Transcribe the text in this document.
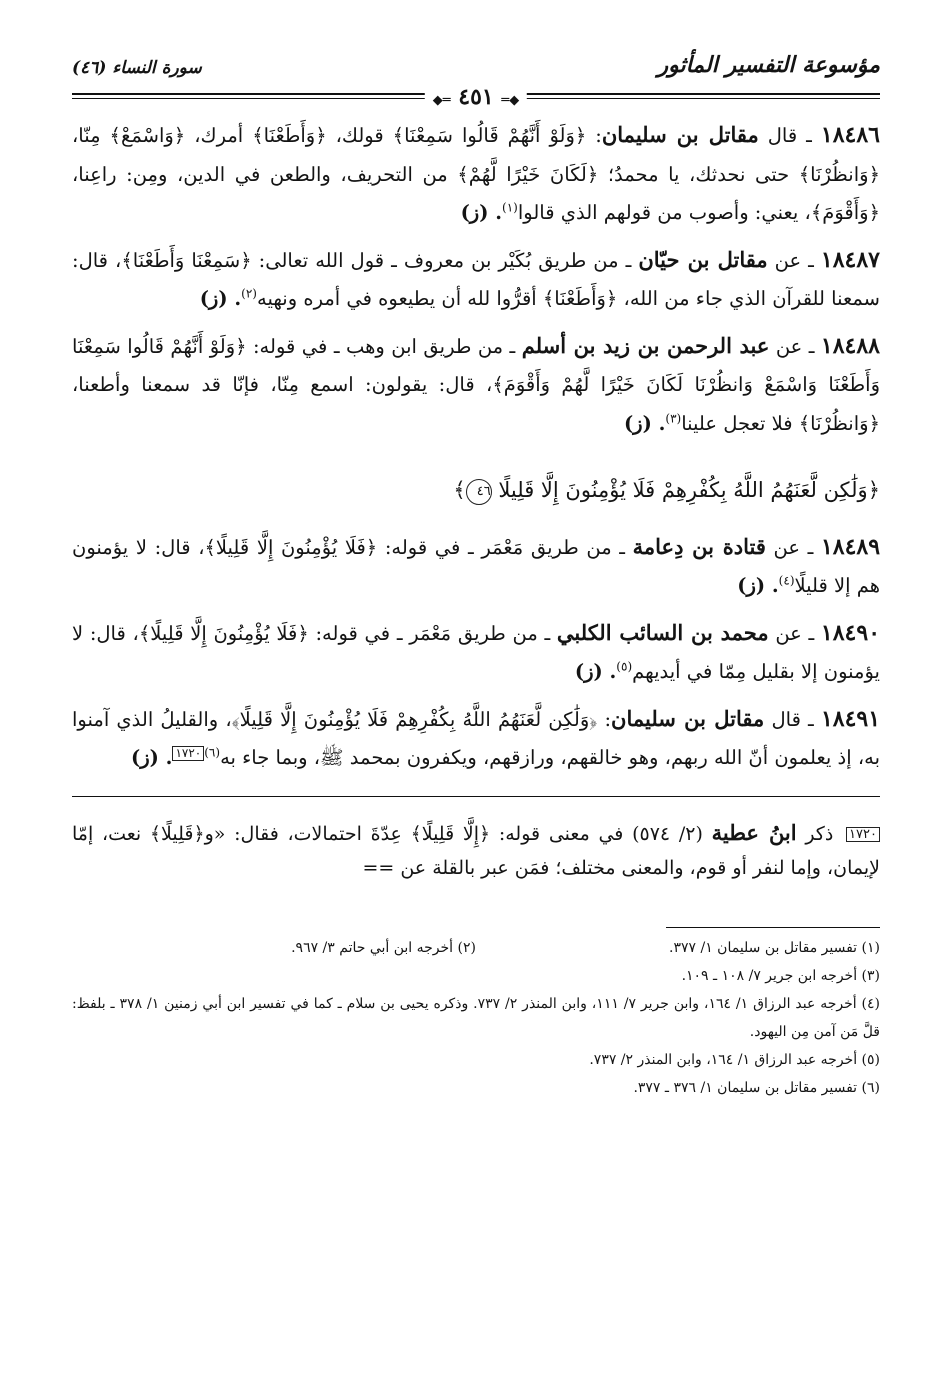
مؤسوعة التفسير المأثور
◆═ ٤٥١ ═◆
سورة النساء (٤٦)

١٨٤٨٦ ـ قال مقاتل بن سليمان: ﴿وَلَوْ أَنَّهُمْ قَالُوا سَمِعْنَا﴾ قولك، ﴿وَأَطَعْنَا﴾ أمرك، ﴿وَاسْمَعْ﴾ مِنّا، ﴿وَانظُرْنَا﴾ حتى نحدثك، يا محمدُ؛ ﴿لَكَانَ خَيْرًا لَّهُمْ﴾ من التحريف، والطعن في الدين، ومِن: راعِنا، ﴿وَأَقْوَمَ﴾، يعني: وأصوب من قولهم الذي قالوا$^{(١)}$. (ز)

١٨٤٨٧ ـ عن مقاتل بن حيّان ـ من طريق بُكَيْر بن معروف ـ قول الله تعالى: ﴿سَمِعْنَا وَأَطَعْنَا﴾، قال: سمعنا للقرآن الذي جاء من الله، ﴿وَأَطَعْنَا﴾ أقرُّوا لله أن يطيعوه في أمره ونهيه$^{(٢)}$. (ز)

١٨٤٨٨ ـ عن عبد الرحمن بن زيد بن أسلم ـ من طريق ابن وهب ـ في قوله: ﴿وَلَوْ أَنَّهُمْ قَالُوا سَمِعْنَا وَأَطَعْنَا وَاسْمَعْ وَانظُرْنَا لَكَانَ خَيْرًا لَّهُمْ وَأَقْوَمَ﴾، قال: يقولون: اسمع مِنّا، فإنّا قد سمعنا وأطعنا، ﴿وَانظُرْنَا﴾ فلا تعجل علينا$^{(٣)}$. (ز)

﴿وَلَٰكِن لَّعَنَهُمُ اللَّهُ بِكُفْرِهِمْ فَلَا يُؤْمِنُونَ إِلَّا قَلِيلًا ٤٦﴾

١٨٤٨٩ ـ عن قتادة بن دِعامة ـ من طريق مَعْمَر ـ في قوله: ﴿فَلَا يُؤْمِنُونَ إِلَّا قَلِيلًا﴾، قال: لا يؤمنون هم إلا قليلًا$^{(٤)}$. (ز)

١٨٤٩٠ ـ عن محمد بن السائب الكلبي ـ من طريق مَعْمَر ـ في قوله: ﴿فَلَا يُؤْمِنُونَ إِلَّا قَلِيلًا﴾، قال: لا يؤمنون إلا بقليل مِمّا في أيديهم$^{(٥)}$. (ز)

١٨٤٩١ ـ قال مقاتل بن سليمان: ﴿وَلَٰكِن لَّعَنَهُمُ اللَّهُ بِكُفْرِهِمْ فَلَا يُؤْمِنُونَ إِلَّا قَلِيلًا﴾، والقليلُ الذي آمنوا به، إذ يعلمون أنّ الله ربهم، وهو خالقهم، ورازقهم، ويكفرون بمحمد ﷺ، وبما جاء به$^{(٦)}$١٧٢٠. (ز)

١٧٢٠ ذكر ابنُ عطية (٢/ ٥٧٤) في معنى قوله: ﴿إِلَّا قَلِيلًا﴾ عِدّةَ احتمالات، فقال: «و﴿قَلِيلًا﴾ نعت، إمّا لإيمان، وإما لنفر أو قوم، والمعنى مختلف؛ فمَن عبر بالقلة عن ==

(١) تفسير مقاتل بن سليمان ١/ ٣٧٧.
(٢) أخرجه ابن أبي حاتم ٣/ ٩٦٧.
(٣) أخرجه ابن جرير ٧/ ١٠٨ ـ ١٠٩.
(٤) أخرجه عبد الرزاق ١/ ١٦٤، وابن جرير ٧/ ١١١، وابن المنذر ٢/ ٧٣٧. وذكره يحيى بن سلام ـ كما في تفسير ابن أبي زمنين ١/ ٣٧٨ ـ بلفظ: قلَّ مَن آمن مِن اليهود.
(٥) أخرجه عبد الرزاق ١/ ١٦٤، وابن المنذر ٢/ ٧٣٧.
(٦) تفسير مقاتل بن سليمان ١/ ٣٧٦ ـ ٣٧٧.
